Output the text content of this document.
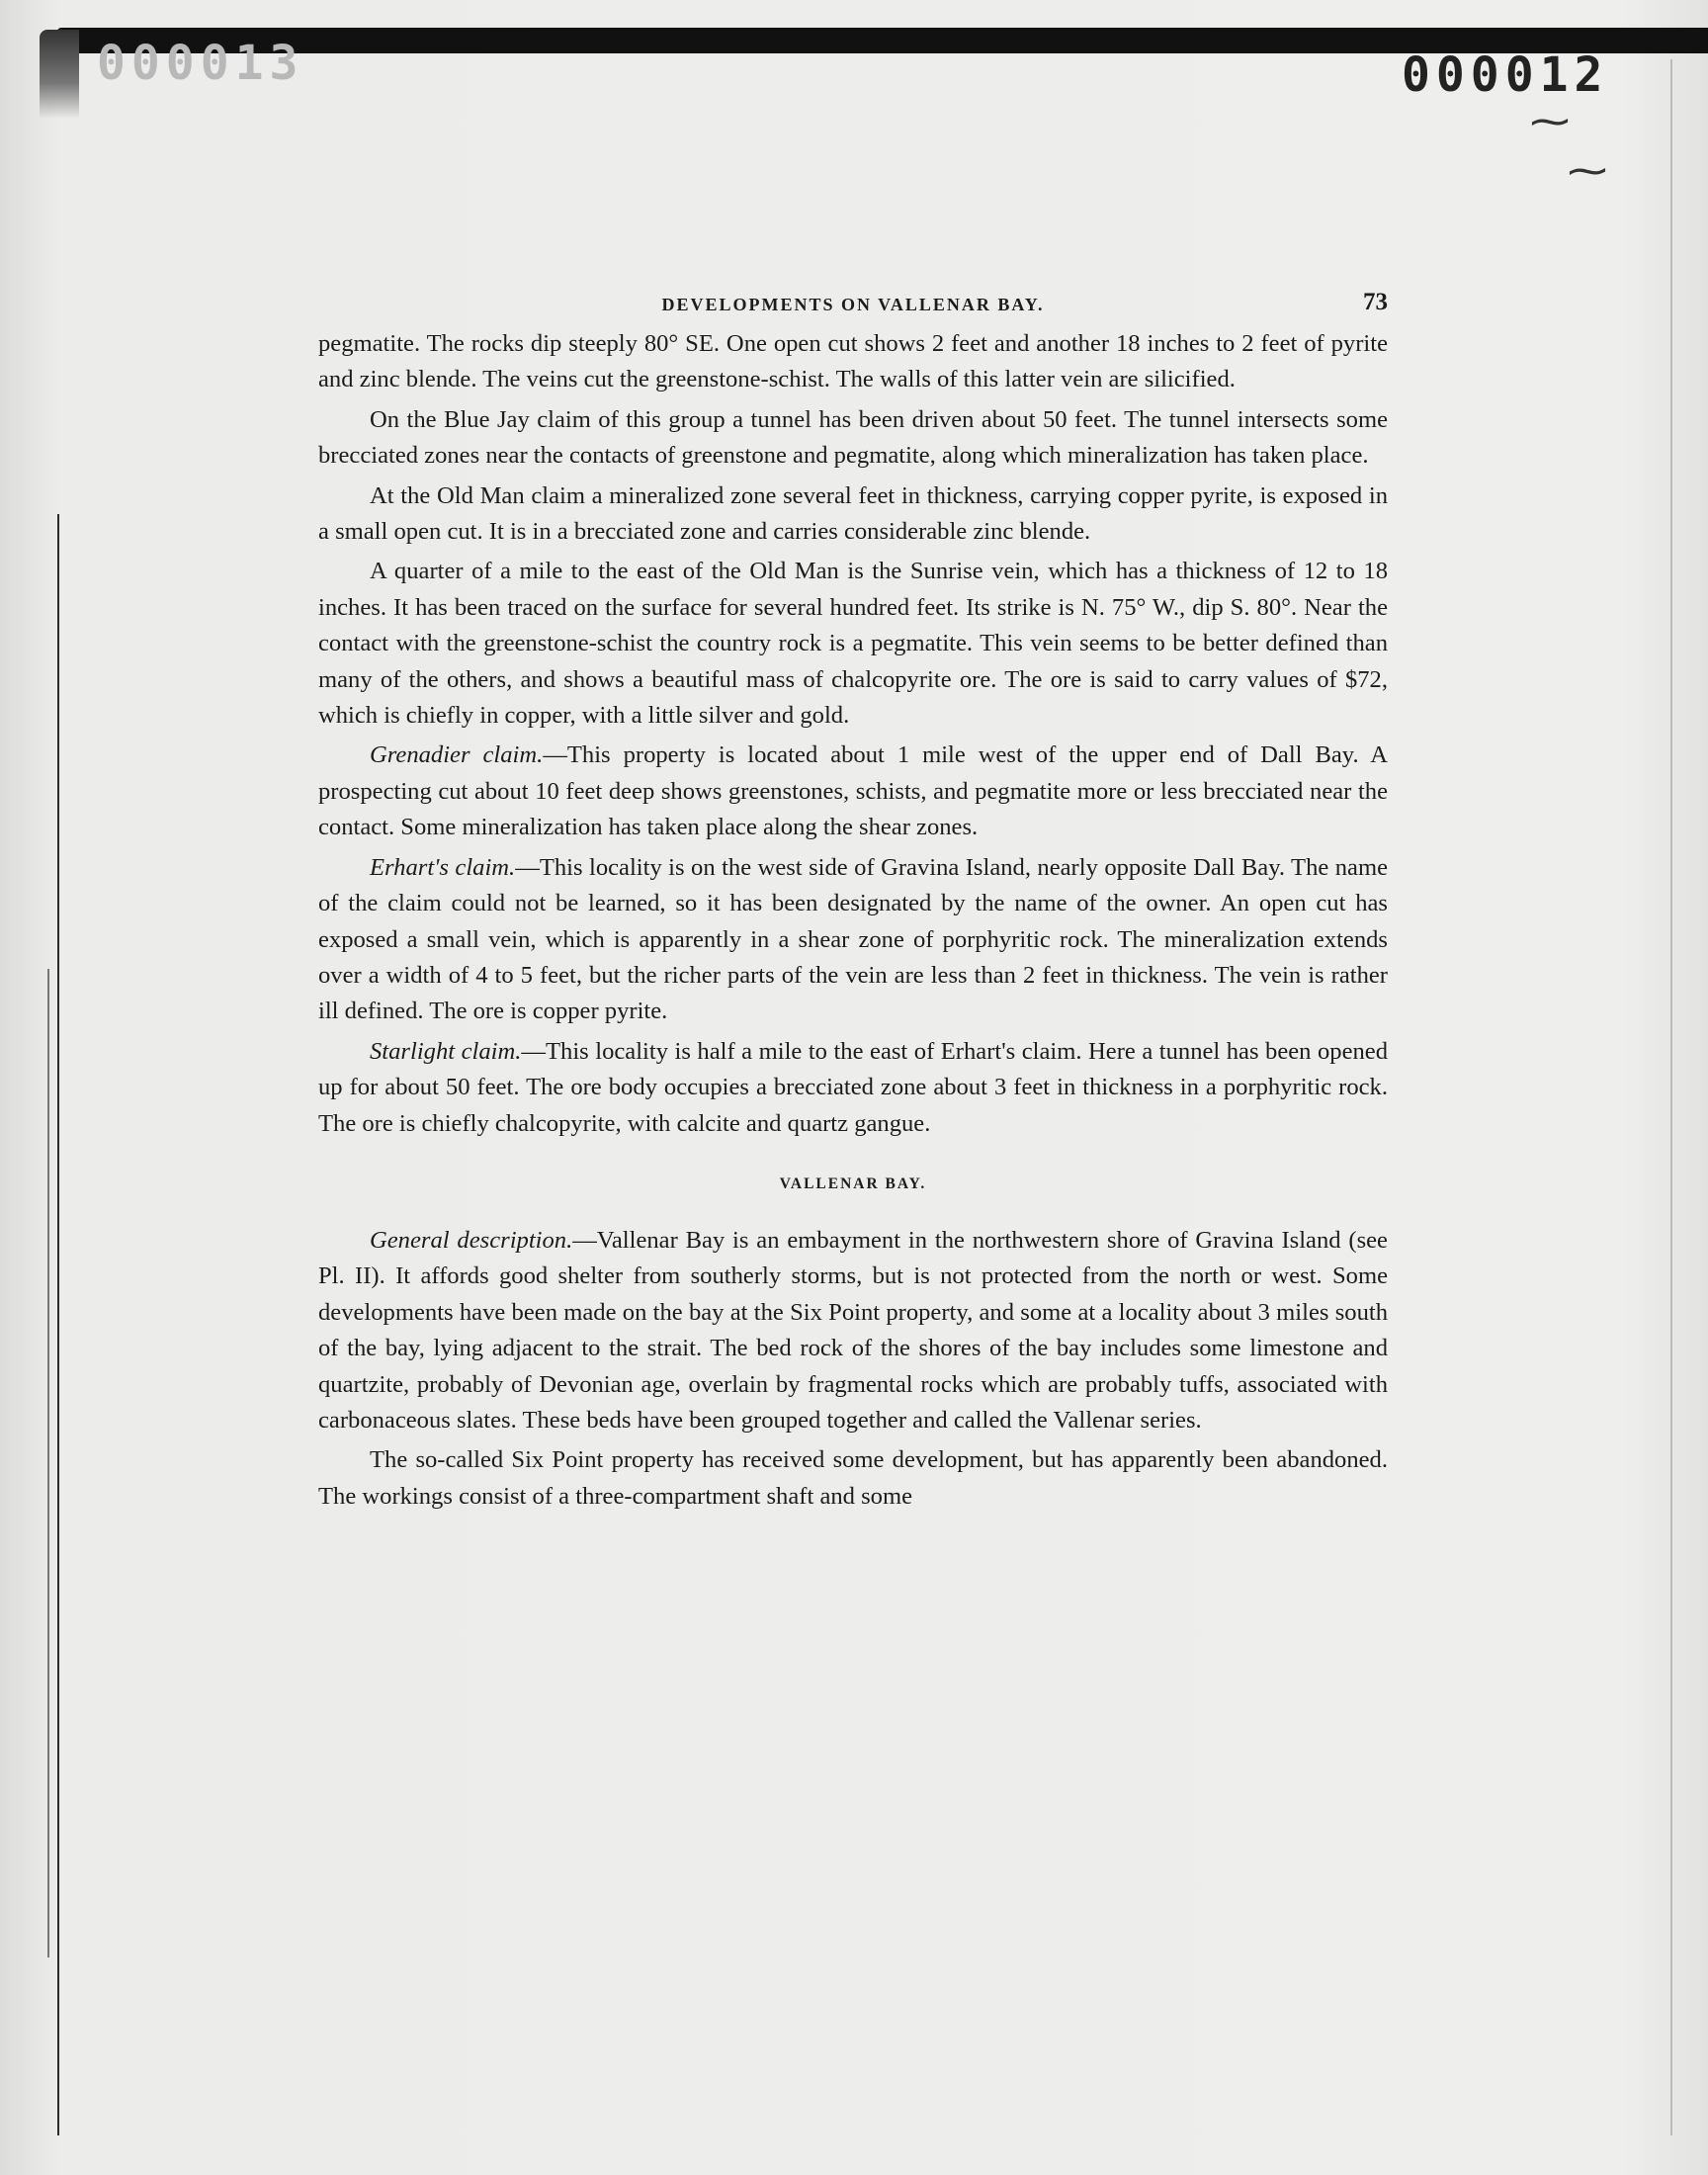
000013	000012
⁓
⁓
DEVELOPMENTS ON VALLENAR BAY.	73

pegmatite. The rocks dip steeply 80° SE. One open cut shows 2 feet and another 18 inches to 2 feet of pyrite and zinc blende. The veins cut the greenstone-schist. The walls of this latter vein are silicified.

On the Blue Jay claim of this group a tunnel has been driven about 50 feet. The tunnel intersects some brecciated zones near the contacts of greenstone and pegmatite, along which mineralization has taken place.

At the Old Man claim a mineralized zone several feet in thickness, carrying copper pyrite, is exposed in a small open cut. It is in a brecciated zone and carries considerable zinc blende.

A quarter of a mile to the east of the Old Man is the Sunrise vein, which has a thickness of 12 to 18 inches. It has been traced on the surface for several hundred feet. Its strike is N. 75° W., dip S. 80°. Near the contact with the greenstone-schist the country rock is a pegmatite. This vein seems to be better defined than many of the others, and shows a beautiful mass of chalcopyrite ore. The ore is said to carry values of $72, which is chiefly in copper, with a little silver and gold.

Grenadier claim.—This property is located about 1 mile west of the upper end of Dall Bay. A prospecting cut about 10 feet deep shows greenstones, schists, and pegmatite more or less brecciated near the contact. Some mineralization has taken place along the shear zones.

Erhart's claim.—This locality is on the west side of Gravina Island, nearly opposite Dall Bay. The name of the claim could not be learned, so it has been designated by the name of the owner. An open cut has exposed a small vein, which is apparently in a shear zone of porphyritic rock. The mineralization extends over a width of 4 to 5 feet, but the richer parts of the vein are less than 2 feet in thickness. The vein is rather ill defined. The ore is copper pyrite.

Starlight claim.—This locality is half a mile to the east of Erhart's claim. Here a tunnel has been opened up for about 50 feet. The ore body occupies a brecciated zone about 3 feet in thickness in a porphyritic rock. The ore is chiefly chalcopyrite, with calcite and quartz gangue.

VALLENAR BAY.

General description.—Vallenar Bay is an embayment in the northwestern shore of Gravina Island (see Pl. II). It affords good shelter from southerly storms, but is not protected from the north or west. Some developments have been made on the bay at the Six Point property, and some at a locality about 3 miles south of the bay, lying adjacent to the strait. The bed rock of the shores of the bay includes some limestone and quartzite, probably of Devonian age, overlain by fragmental rocks which are probably tuffs, associated with carbonaceous slates. These beds have been grouped together and called the Vallenar series.

The so-called Six Point property has received some development, but has apparently been abandoned. The workings consist of a three-compartment shaft and some
